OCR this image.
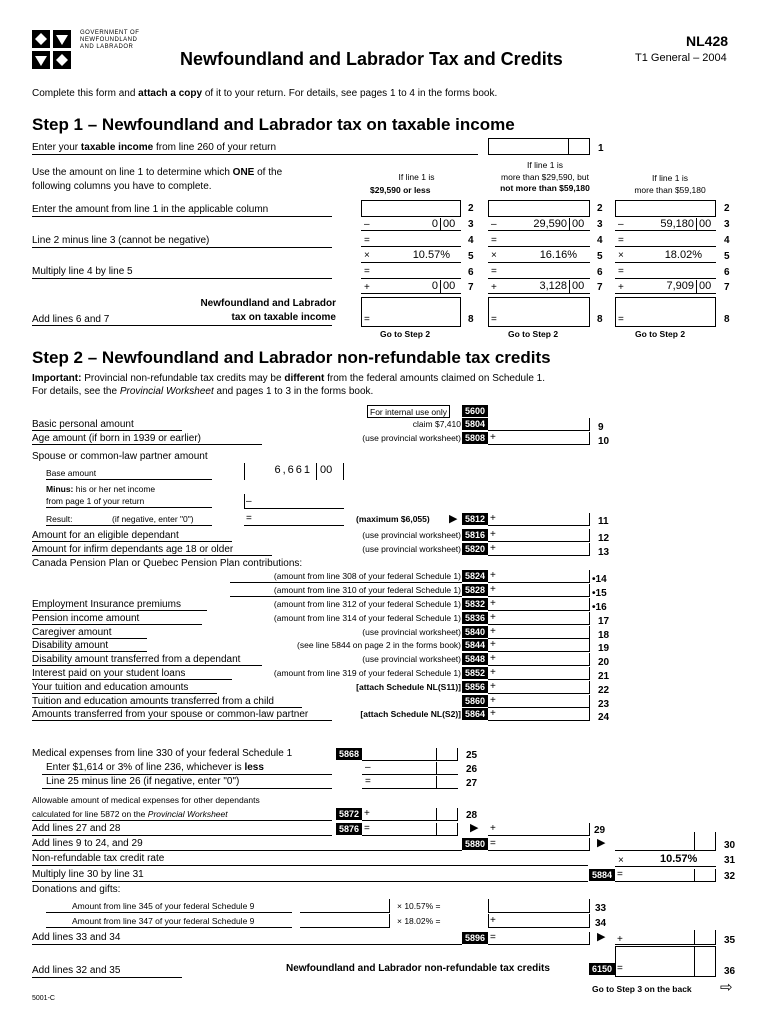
GOVERNMENT OF
NEWFOUNDLAND
AND LABRADOR
Newfoundland and Labrador Tax and Credits
NL428
T1 General – 2004
Complete this form and attach a copy of it to your return. For details, see pages 1 to 4 in the forms book.
Step 1 – Newfoundland and Labrador tax on taxable income
Enter your taxable income from line 260 of your return	1
Use the amount on line 1 to determine which ONE of the
following columns you have to complete.
If line 1 is
$29,590 or less
If line 1 is
more than $29,590, but
not more than $59,180
If line 1 is
more than $59,180
Enter the amount from line 1 in the applicable column
Line 2 minus line 3 (cannot be negative)
Multiply line 4 by line 5
Add lines 6 and 7
Newfoundland and Labrador
tax on taxable income
2
–	0 00 3
=	4
×	10.57% 5
=	6
+	0 00 7
=	8
Go to Step 2
2
–	29,590 00 3
=	4
×	16.16% 5
=	6
+	3,128 00 7
=	8
Go to Step 2
2
–	59,180 00 3
=	4
×	18.02% 5
=	6
+	7,909 00 7
=	8
Go to Step 2
Step 2 – Newfoundland and Labrador non-refundable tax credits
Important: Provincial non-refundable tax credits may be different from the federal amounts claimed on Schedule 1.
For details, see the Provincial Worksheet and pages 1 to 3 in the forms book.
For internal use only	5600
Basic personal amount	claim $7,410 5804	9
Age amount (if born in 1939 or earlier)	(use provincial worksheet) 5808 +	10
Spouse or common-law partner amount
Base amount	6,661 00
Minus: his or her net income
from page 1 of your return	–
Result:	(if negative, enter "0")	=	(maximum $6,055) ▶ 5812 +	11
Amount for an eligible dependant	(use provincial worksheet) 5816 +	12
Amount for infirm dependants age 18 or older	(use provincial worksheet) 5820 +	13
Canada Pension Plan or Quebec Pension Plan contributions:
(amount from line 308 of your federal Schedule 1) 5824 +	•14
(amount from line 310 of your federal Schedule 1) 5828 +	•15
Employment Insurance premiums	(amount from line 312 of your federal Schedule 1) 5832 +	•16
Pension income amount	(amount from line 314 of your federal Schedule 1) 5836 +	17
Caregiver amount	(use provincial worksheet) 5840 +	18
Disability amount	(see line 5844 on page 2 in the forms book) 5844 +	19
Disability amount transferred from a dependant	(use provincial worksheet) 5848 +	20
Interest paid on your student loans	(amount from line 319 of your federal Schedule 1) 5852 +	21
Your tuition and education amounts	[attach Schedule NL(S11)] 5856 +	22
Tuition and education amounts transferred from a child	5860 +	23
Amounts transferred from your spouse or common-law partner	[attach Schedule NL(S2)] 5864 +	24
Medical expenses from line 330 of your federal Schedule 1	5868	25
Enter $1,614 or 3% of line 236, whichever is less	–	26
Line 25 minus line 26 (if negative, enter "0")	=	27
Allowable amount of medical expenses for other dependants
calculated for line 5872 on the Provincial Worksheet	5872 +	28
Add lines 27 and 28	5876 =	▶ +	29
Add lines 9 to 24, and 29	5880 =	▶	30
Non-refundable tax credit rate	×	10.57%	31
Multiply line 30 by line 31	5884 =	32
Donations and gifts:
Amount from line 345 of your federal Schedule 9	× 10.57% =	33
Amount from line 347 of your federal Schedule 9	× 18.02% =	+	34
Add lines 33 and 34	5896 =	▶ +	35
Add lines 32 and 35	Newfoundland and Labrador non-refundable tax credits	6150 =	36
Go to Step 3 on the back ⇨
5001-C
